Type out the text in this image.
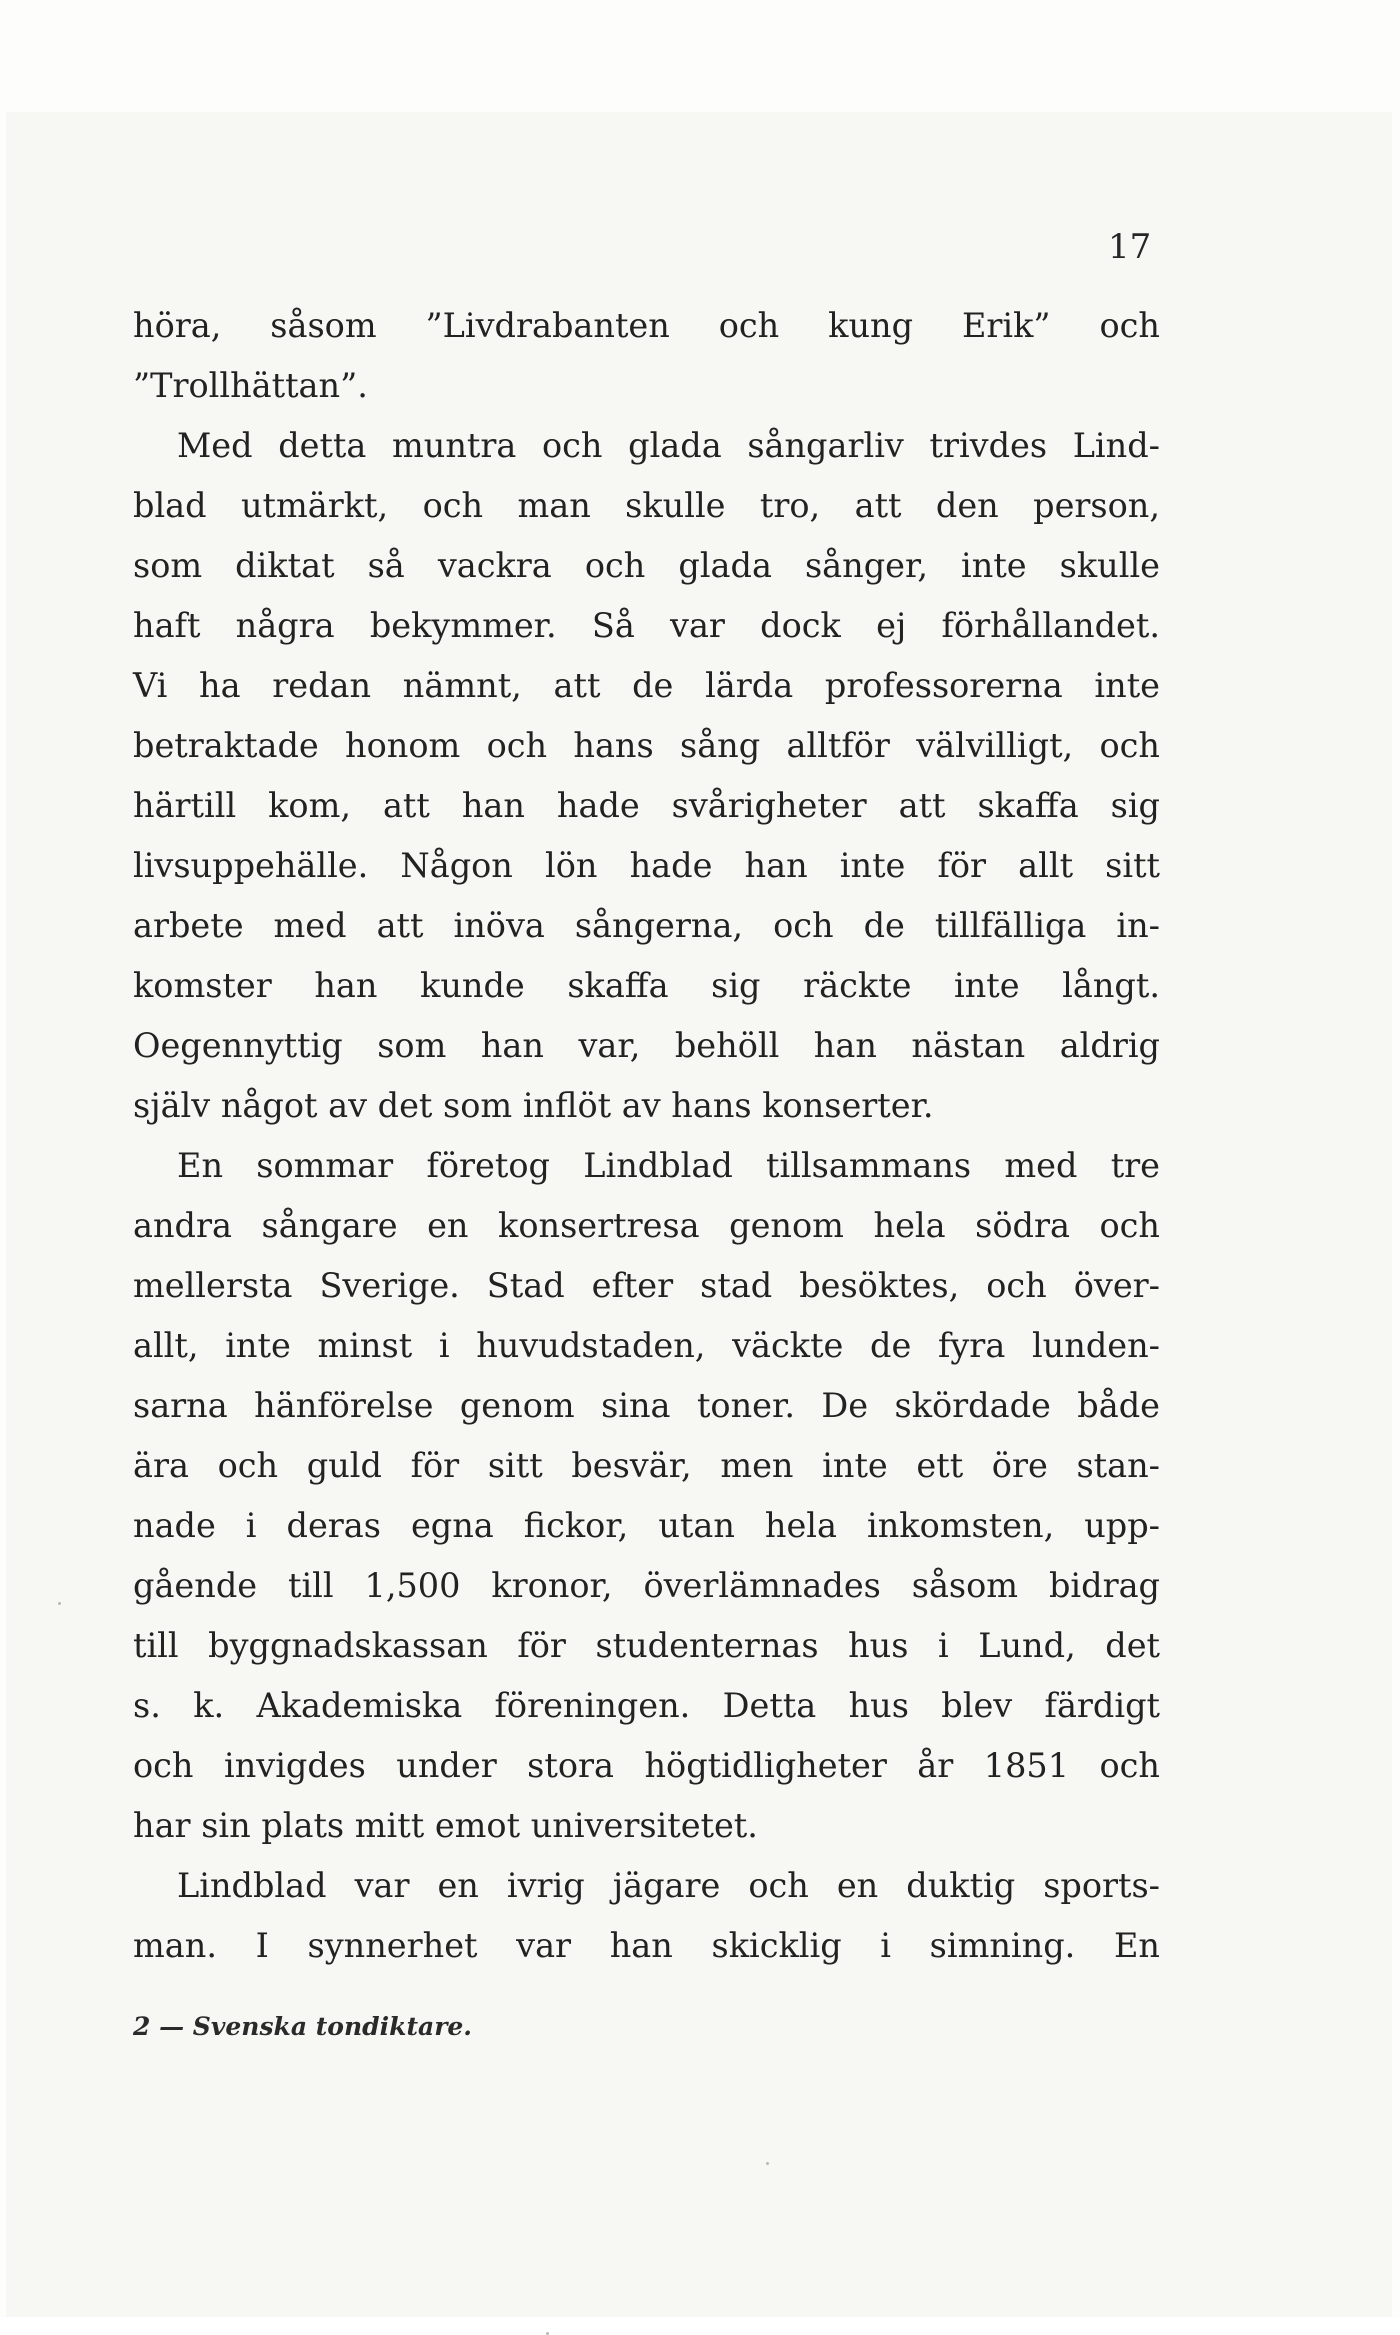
17
höra, såsom ”Livdrabanten och kung Erik” och
”Trollhättan”.
Med detta muntra och glada sångarliv trivdes Lind-
blad utmärkt, och man skulle tro, att den person,
som diktat så vackra och glada sånger, inte skulle
haft några bekymmer. Så var dock ej förhållandet.
Vi ha redan nämnt, att de lärda professorerna inte
betraktade honom och hans sång alltför välvilligt, och
härtill kom, att han hade svårigheter att skaffa sig
livsuppehälle. Någon lön hade han inte för allt sitt
arbete med att inöva sångerna, och de tillfälliga in-
komster han kunde skaffa sig räckte inte långt.
Oegennyttig som han var, behöll han nästan aldrig
själv något av det som inflöt av hans konserter.
En sommar företog Lindblad tillsammans med tre
andra sångare en konsertresa genom hela södra och
mellersta Sverige. Stad efter stad besöktes, och över-
allt, inte minst i huvudstaden, väckte de fyra lunden-
sarna hänförelse genom sina toner. De skördade både
ära och guld för sitt besvär, men inte ett öre stan-
nade i deras egna fickor, utan hela inkomsten, upp-
gående till 1,500 kronor, överlämnades såsom bidrag
till byggnadskassan för studenternas hus i Lund, det
s. k. Akademiska föreningen. Detta hus blev färdigt
och invigdes under stora högtidligheter år 1851 och
har sin plats mitt emot universitetet.
Lindblad var en ivrig jägare och en duktig sports-
man. I synnerhet var han skicklig i simning. En
2 — Svenska tondiktare.
